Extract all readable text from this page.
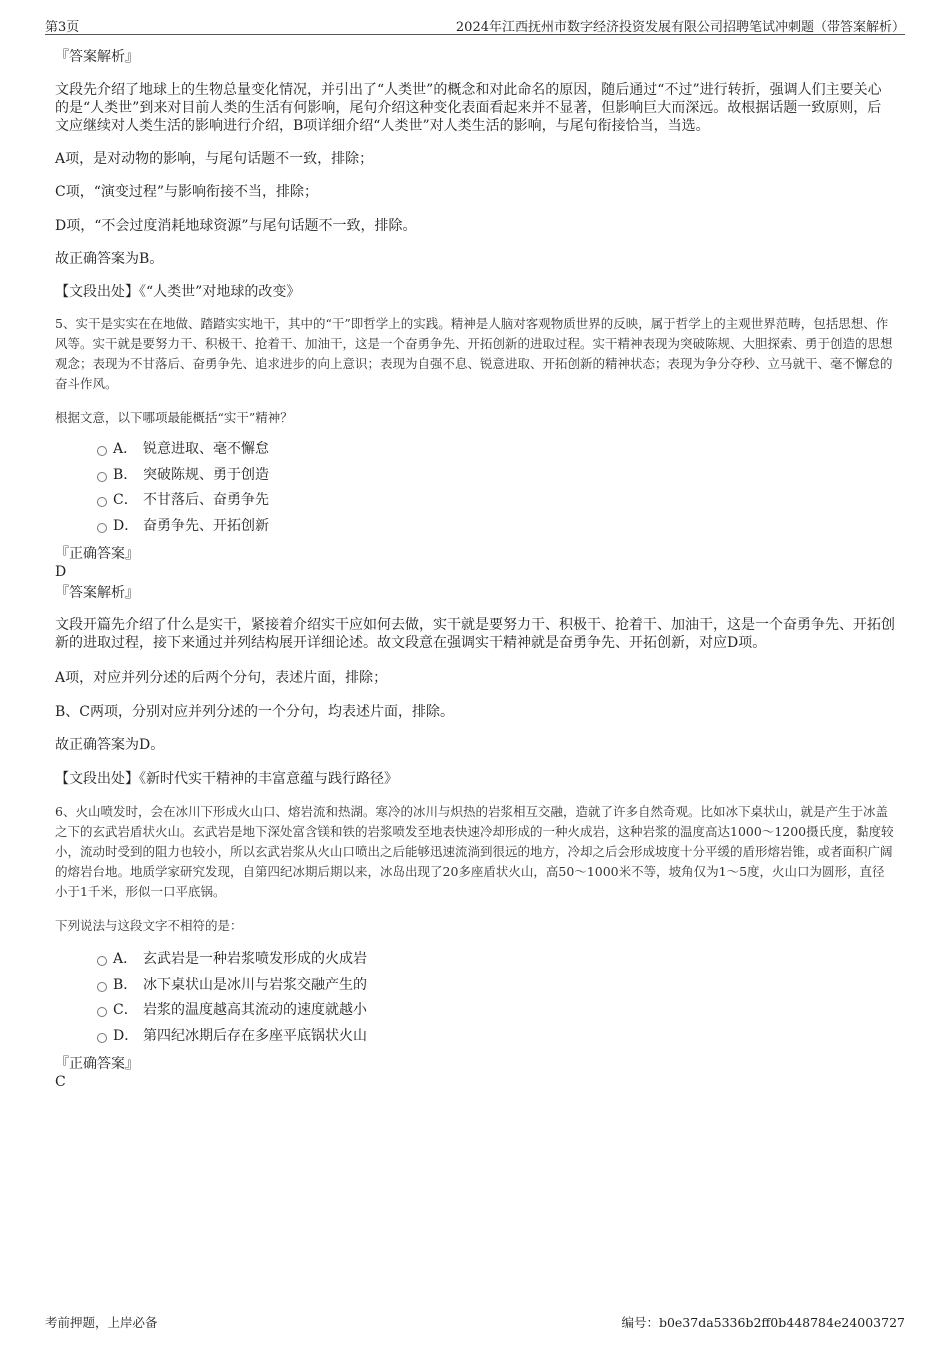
第3页	2024年江西抚州市数字经济投资发展有限公司招聘笔试冲刺题（带答案解析）

『答案解析』

文段先介绍了地球上的生物总量变化情况，并引出了“人类世”的概念和对此命名的原因，随后通过“不过”进行转折，强调人们主要关心的是“人类世”到来对目前人类的生活有何影响，尾句介绍这种变化表面看起来并不显著，但影响巨大而深远。故根据话题一致原则，后文应继续对人类生活的影响进行介绍，B项详细介绍“人类世”对人类生活的影响，与尾句衔接恰当，当选。

A项，是对动物的影响，与尾句话题不一致，排除；

C项，“演变过程”与影响衔接不当，排除；

D项，“不会过度消耗地球资源”与尾句话题不一致，排除。

故正确答案为B。

【文段出处】《“人类世”对地球的改变》

5、实干是实实在在地做、踏踏实实地干，其中的“干”即哲学上的实践。精神是人脑对客观物质世界的反映，属于哲学上的主观世界范畴，包括思想、作风等。实干就是要努力干、积极干、抢着干、加油干，这是一个奋勇争先、开拓创新的进取过程。实干精神表现为突破陈规、大胆探索、勇于创造的思想观念；表现为不甘落后、奋勇争先、追求进步的向上意识；表现为自强不息、锐意进取、开拓创新的精神状态；表现为争分夺秒、立马就干、毫不懈怠的奋斗作风。

根据文意，以下哪项最能概括“实干”精神？

A． 锐意进取、毫不懈怠
B． 突破陈规、勇于创造
C． 不甘落后、奋勇争先
D． 奋勇争先、开拓创新

『正确答案』

D

『答案解析』

文段开篇先介绍了什么是实干，紧接着介绍实干应如何去做，实干就是要努力干、积极干、抢着干、加油干，这是一个奋勇争先、开拓创新的进取过程，接下来通过并列结构展开详细论述。故文段意在强调实干精神就是奋勇争先、开拓创新，对应D项。

A项，对应并列分述的后两个分句，表述片面，排除；

B、C两项，分别对应并列分述的一个分句，均表述片面，排除。

故正确答案为D。

【文段出处】《新时代实干精神的丰富意蕴与践行路径》

6、火山喷发时，会在冰川下形成火山口、熔岩流和热湖。寒冷的冰川与炽热的岩浆相互交融，造就了许多自然奇观。比如冰下桌状山，就是产生于冰盖之下的玄武岩盾状火山。玄武岩是地下深处富含镁和铁的岩浆喷发至地表快速冷却形成的一种火成岩，这种岩浆的温度高达1000～1200摄氏度，黏度较小，流动时受到的阻力也较小，所以玄武岩浆从火山口喷出之后能够迅速流淌到很远的地方，冷却之后会形成坡度十分平缓的盾形熔岩锥，或者面积广阔的熔岩台地。地质学家研究发现，自第四纪冰期后期以来，冰岛出现了20多座盾状火山，高50～1000米不等，坡角仅为1～5度，火山口为圆形，直径小于1千米，形似一口平底锅。

下列说法与这段文字不相符的是：

A． 玄武岩是一种岩浆喷发形成的火成岩
B． 冰下桌状山是冰川与岩浆交融产生的
C． 岩浆的温度越高其流动的速度就越小
D． 第四纪冰期后存在多座平底锅状火山

『正确答案』

C

考前押题，上岸必备	编号：b0e37da5336b2ff0b448784e24003727
